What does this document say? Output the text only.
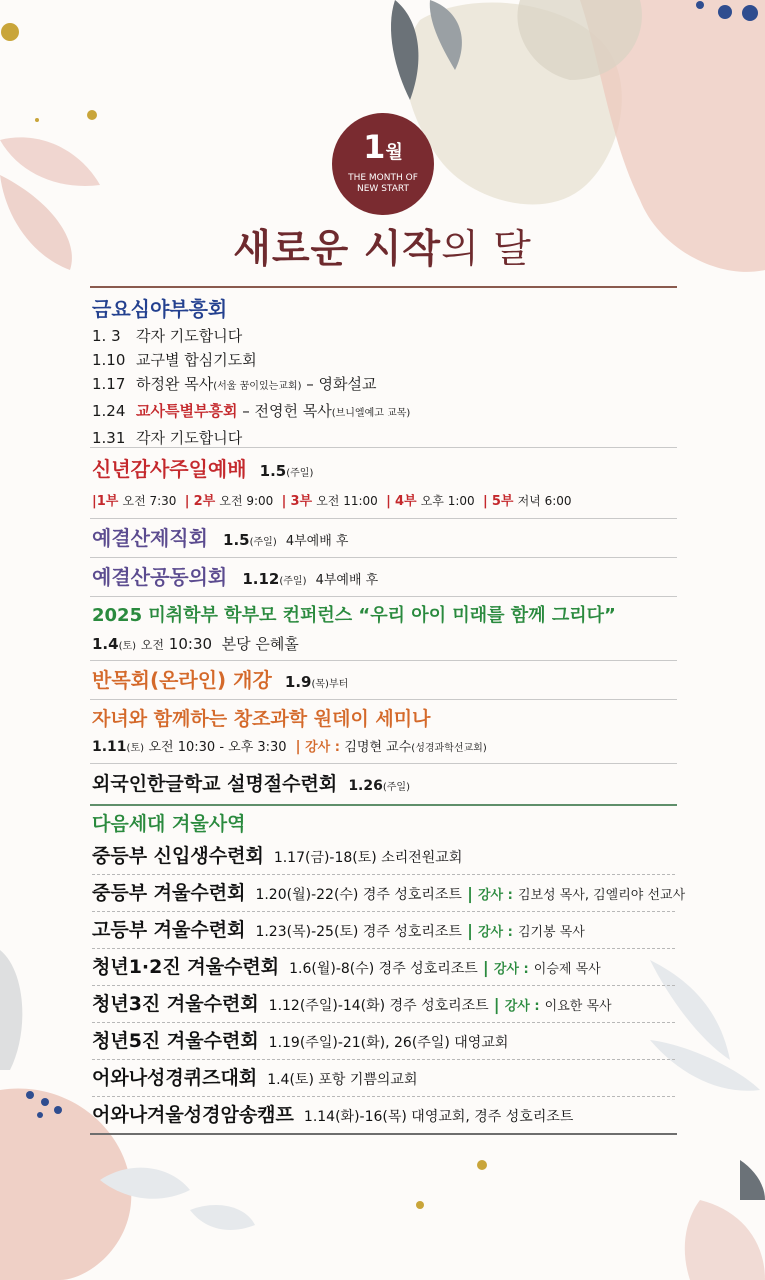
1월
THE MONTH OF
NEW START
새로운 시작의 달
금요심야부흥회
1. 3 각자 기도합니다
1.10 교구별 합심기도회
1.17 하정완 목사(서울 꿈이있는교회) – 영화설교
1.24 교사특별부흥회 – 전영헌 목사(브니엘예고 교목)
1.31 각자 기도합니다
신년감사주일예배 1.5(주일)
|1부 오전 7:30 | 2부 오전 9:00 | 3부 오전 11:00 | 4부 오후 1:00 | 5부 저녁 6:00
예결산제직회 1.5(주일) 4부예배 후
예결산공동의회 1.12(주일) 4부예배 후
2025 미취학부 학부모 컨퍼런스 “우리 아이 미래를 함께 그리다”
1.4(토) 오전 10:30 본당 은혜홀
반목회(온라인) 개강 1.9(목)부터
자녀와 함께하는 창조과학 원데이 세미나
1.11(토) 오전 10:30 - 오후 3:30 | 강사 : 김명현 교수(성경과학선교회)
외국인한글학교 설명절수련회 1.26(주일)
다음세대 겨울사역
중등부 신입생수련회 1.17(금)-18(토) 소리전원교회
중등부 겨울수련회 1.20(월)-22(수) 경주 성호리조트 | 강사 : 김보성 목사, 김엘리야 선교사
고등부 겨울수련회 1.23(목)-25(토) 경주 성호리조트 | 강사 : 김기봉 목사
청년1·2진 겨울수련회 1.6(월)-8(수) 경주 성호리조트 | 강사 : 이승제 목사
청년3진 겨울수련회 1.12(주일)-14(화) 경주 성호리조트 | 강사 : 이요한 목사
청년5진 겨울수련회 1.19(주일)-21(화), 26(주일) 대영교회
어와나성경퀴즈대회 1.4(토) 포항 기쁨의교회
어와나겨울성경암송캠프 1.14(화)-16(목) 대영교회, 경주 성호리조트
